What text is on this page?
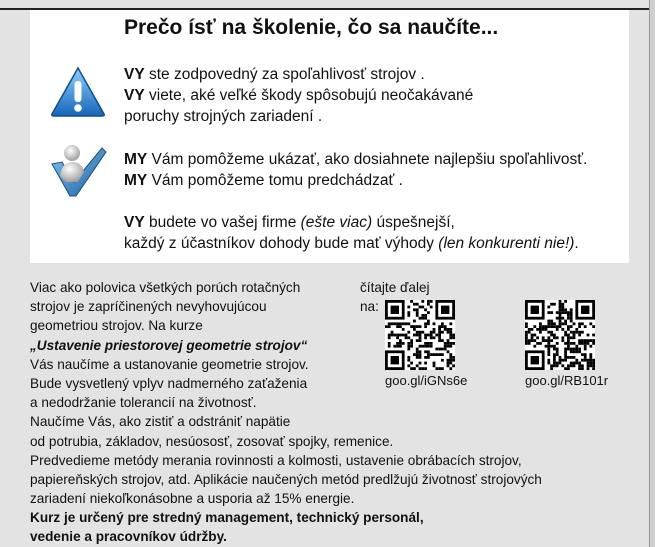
Prečo ísť na školenie, čo sa naučíte...
VY ste zodpovedný za spoľahlivosť strojov .
VY viete, aké veľké škody spôsobujú neočakávané
poruchy strojných zariadení .
MY Vám pomôžeme ukázať, ako dosiahnete najlepšiu spoľahlivosť.
MY Vám pomôžeme tomu predchádzať .
VY budete vo vašej firme (ešte viac) úspešnejší,
každý z účastníkov dohody bude mať výhody (len konkurenti nie!).
Viac ako polovica všetkých porúch rotačných
strojov je zapríčinených nevyhovujúcou
geometriou strojov. Na kurze
„Ustavenie priestorovej geometrie strojov“
Vás naučíme a ustanovanie geometrie strojov.
Bude vysvetlený vplyv nadmerného zaťaženia
a nedodržanie tolerancií na životnosť.
Naučíme Vás, ako zistiť a odstrániť napätie
od potrubia, základov, nesúososť, zosovať spojky, remenice.
Predvedieme metódy merania rovinnosti a kolmosti, ustavenie obrábacích strojov,
papiereňských strojov, atd. Aplikácie naučených metód predlžujú životnosť strojových
zariadení niekoľkonásobne a usporia až 15% energie.
Kurz je určený pre stredný management, technický personál,
vedenie a pracovníkov údržby.
čítajte ďalej
na:
goo.gl/iGNs6e	goo.gl/RB101r
